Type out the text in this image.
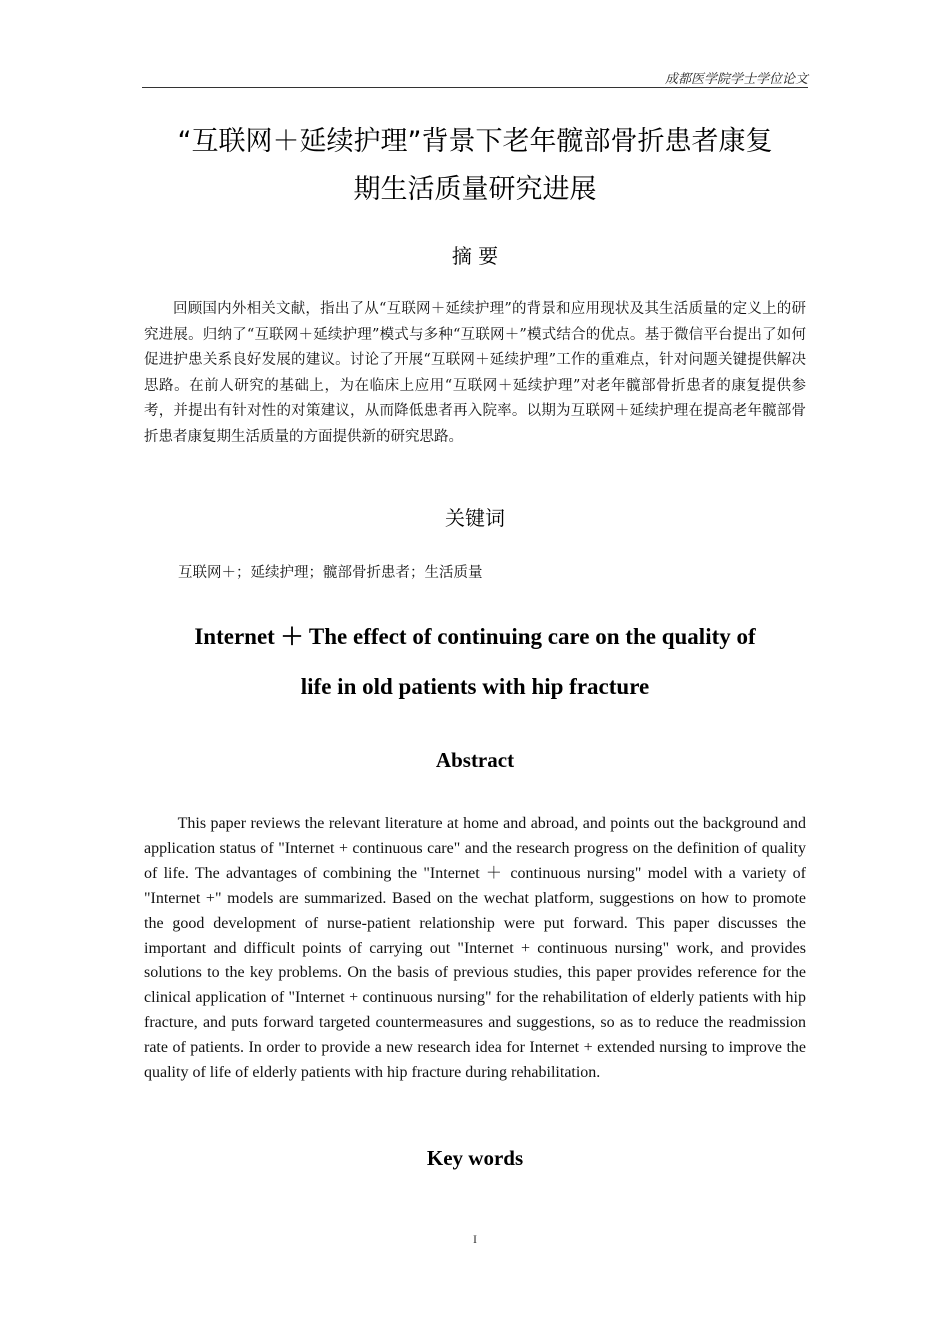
成都医学院学士学位论文
“互联网＋延续护理”背景下老年髋部骨折患者康复
期生活质量研究进展
摘 要

回顾国内外相关文献，指出了从“互联网＋延续护理”的背景和应用现状及其生活质量的定义上的研究进展。归纳了“互联网＋延续护理”模式与多种“互联网＋”模式结合的优点。基于微信平台提出了如何促进护患关系良好发展的建议。讨论了开展“互联网＋延续护理”工作的重难点，针对问题关键提供解决思路。在前人研究的基础上，为在临床上应用“互联网＋延续护理”对老年髋部骨折患者的康复提供参考，并提出有针对性的对策建议，从而降低患者再入院率。以期为互联网＋延续护理在提高老年髋部骨折患者康复期生活质量的方面提供新的研究思路。

关键词
互联网＋；延续护理；髋部骨折患者；生活质量
Internet ＋ The effect of continuing care on the quality of
life in old patients with hip fracture
Abstract

This paper reviews the relevant literature at home and abroad, and points out the background and application status of "Internet + continuous care" and the research progress on the definition of quality of life. The advantages of combining the "Internet ＋ continuous nursing" model with a variety of "Internet +" models are summarized. Based on the wechat platform, suggestions on how to promote the good development of nurse-patient relationship were put forward. This paper discusses the important and difficult points of carrying out "Internet + continuous nursing" work, and provides solutions to the key problems. On the basis of previous studies, this paper provides reference for the clinical application of "Internet + continuous nursing" for the rehabilitation of elderly patients with hip fracture, and puts forward targeted countermeasures and suggestions, so as to reduce the readmission rate of patients. In order to provide a new research idea for Internet + extended nursing to improve the quality of life of elderly patients with hip fracture during rehabilitation.

Key words
I
